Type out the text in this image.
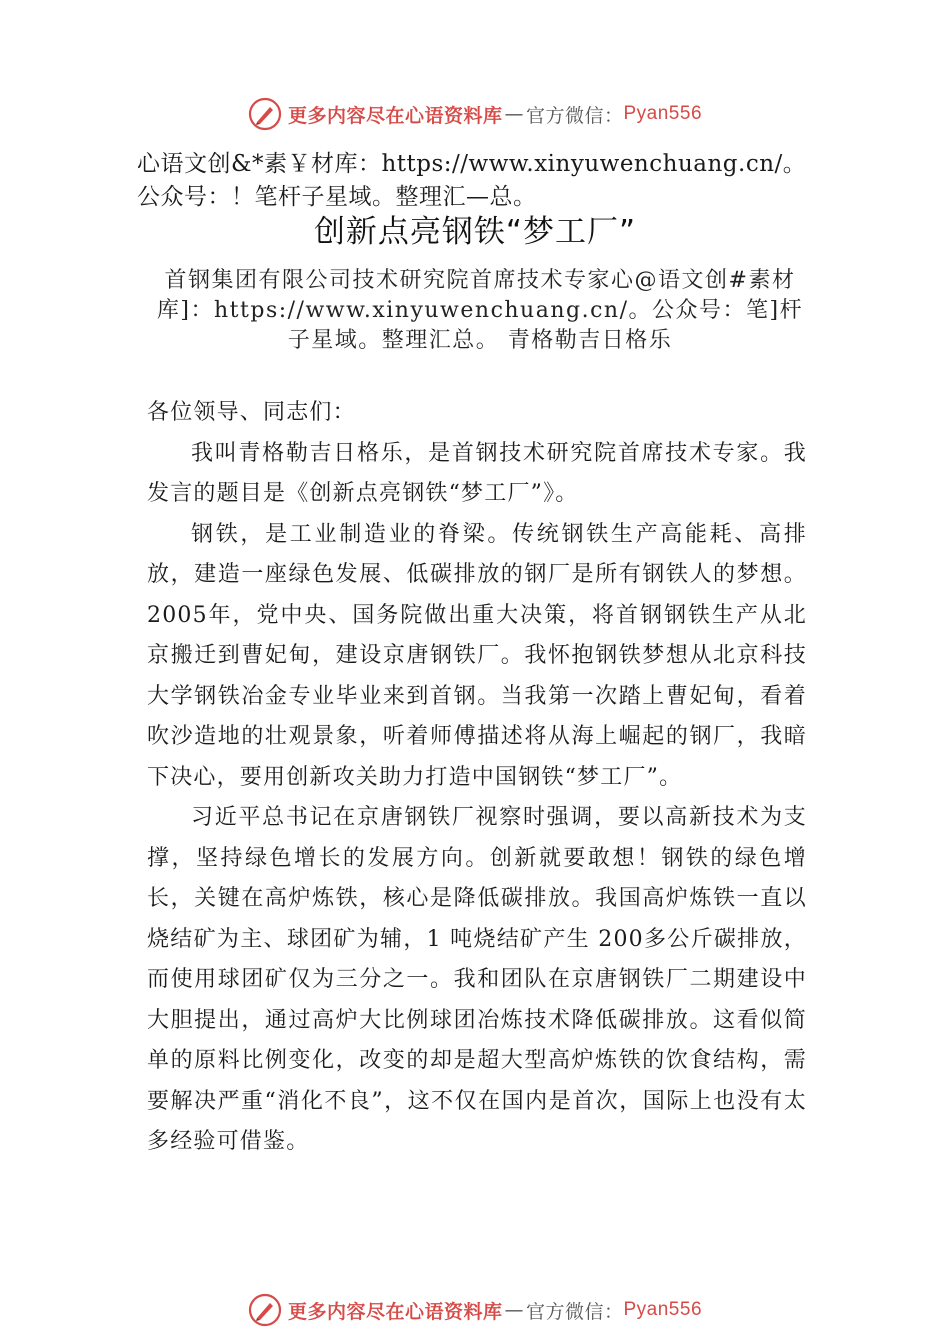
更多内容尽在心语资料库 — 官方微信： Pyan556
心语文创&*素￥材库：https://www.xinyuwenchuang.cn/。公众号：！笔杆子星域。整理汇—总。
创新点亮钢铁“梦工厂”
首钢集团有限公司技术研究院首席技术专家心@语文创#素材库]：https://www.xinyuwenchuang.cn/。公众号：笔]杆子星域。整理汇总。 青格勒吉日格乐

各位领导、同志们：

我叫青格勒吉日格乐，是首钢技术研究院首席技术专家。我发言的题目是《创新点亮钢铁“梦工厂”》。

钢铁，是工业制造业的脊梁。传统钢铁生产高能耗、高排放，建造一座绿色发展、低碳排放的钢厂是所有钢铁人的梦想。2005年，党中央、国务院做出重大决策，将首钢钢铁生产从北京搬迁到曹妃甸，建设京唐钢铁厂。我怀抱钢铁梦想从北京科技大学钢铁冶金专业毕业来到首钢。当我第一次踏上曹妃甸，看着吹沙造地的壮观景象，听着师傅描述将从海上崛起的钢厂，我暗下决心，要用创新攻关助力打造中国钢铁“梦工厂”。

习近平总书记在京唐钢铁厂视察时强调，要以高新技术为支撑，坚持绿色增长的发展方向。创新就要敢想！钢铁的绿色增长，关键在高炉炼铁，核心是降低碳排放。我国高炉炼铁一直以烧结矿为主、球团矿为辅，1 吨烧结矿产生 200多公斤碳排放，而使用球团矿仅为三分之一。我和团队在京唐钢铁厂二期建设中大胆提出，通过高炉大比例球团冶炼技术降低碳排放。这看似简单的原料比例变化，改变的却是超大型高炉炼铁的饮食结构，需要解决严重“消化不良”，这不仅在国内是首次，国际上也没有太多经验可借鉴。

更多内容尽在心语资料库 — 官方微信： Pyan556
